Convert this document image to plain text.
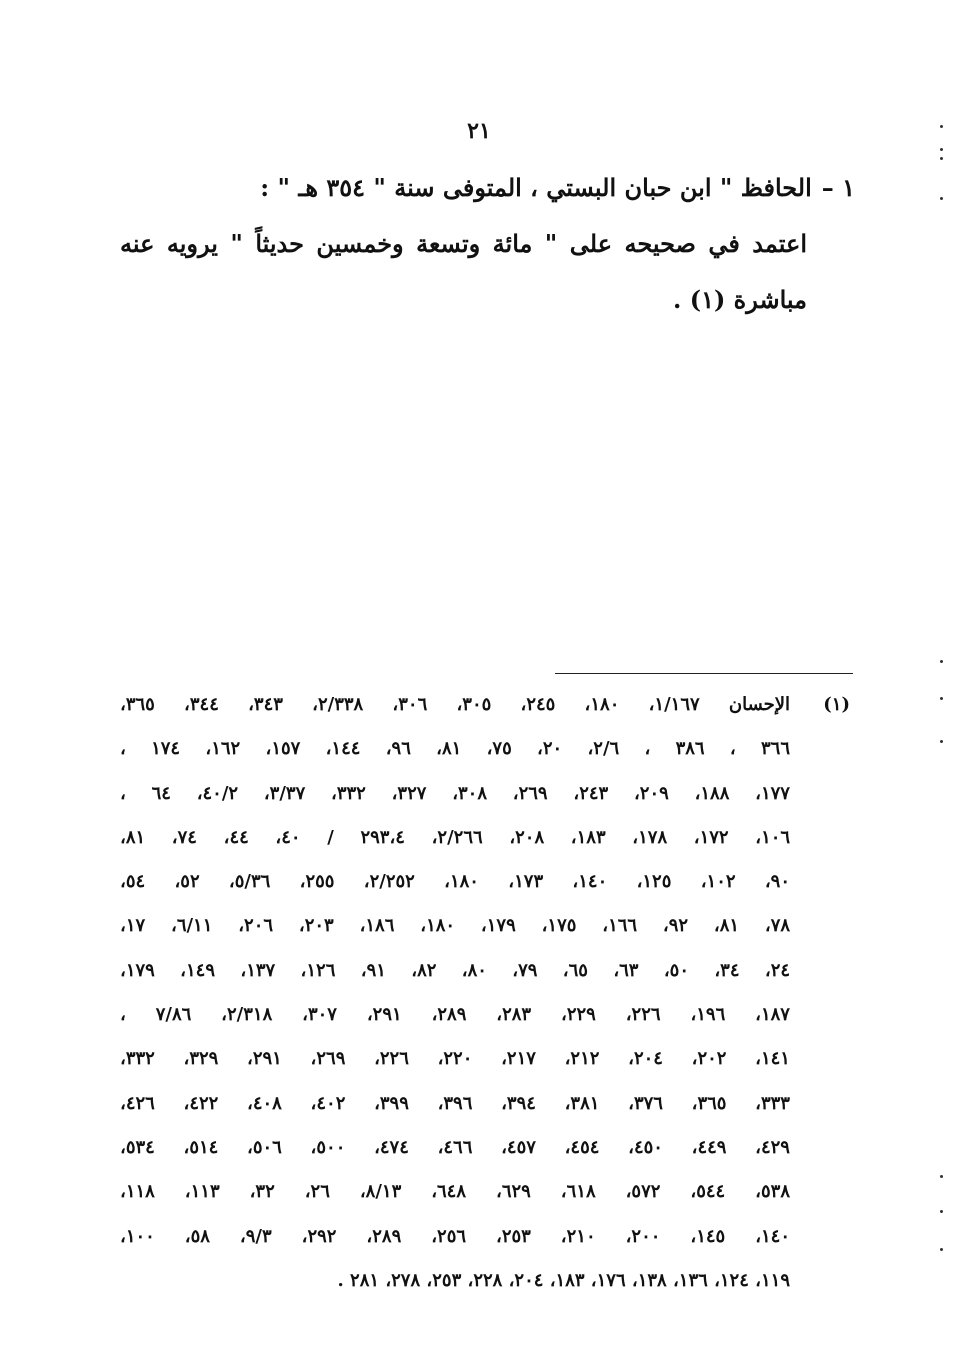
٢١
١ –الحافظ " ابن حبان البستي ، المتوفى سنة " ٣٥٤ هـ " :
اعتمد في صحيحه على " مائة وتسعة وخمسين حديثاً " يرويه عنه
مباشرة (١) .
(١)
الإحسان ١/١٦٧، ١٨٠، ٢٤٥، ٣٠٥، ٣٠٦، ٢/٣٣٨، ٣٤٣، ٣٤٤، ٣٦٥،
٣٦٦ ، ٣٨٦ ، ٢/٦، ٢٠، ٧٥، ٨١، ٩٦، ١٤٤، ١٥٧، ١٦٢، ١٧٤ ،
١٧٧، ١٨٨، ٢٠٩، ٢٤٣، ٢٦٩، ٣٠٨، ٣٢٧، ٣٣٢، ٣/٣٧، ٤٠/٢، ٦٤ ،
١٠٦، ١٧٢، ١٧٨، ١٨٣، ٢٠٨، ٢/٢٦٦، ٢٩٣،٤ / ٤٠، ٤٤، ٧٤، ٨١،
٩٠، ١٠٢، ١٢٥، ١٤٠، ١٧٣، ١٨٠، ٢/٢٥٢، ٢٥٥، ٥/٣٦، ٥٢، ٥٤،
٧٨، ٨١، ٩٢، ١٦٦، ١٧٥، ١٧٩، ١٨٠، ١٨٦، ٢٠٣، ٢٠٦، ٦/١١، ١٧،
٢٤، ٣٤، ٥٠، ٦٣، ٦٥، ٧٩، ٨٠، ٨٢، ٩١، ١٢٦، ١٣٧، ١٤٩، ١٧٩،
١٨٧، ١٩٦، ٢٢٦، ٢٢٩، ٢٨٣، ٢٨٩، ٢٩١، ٣٠٧، ٢/٣١٨، ٧/٨٦ ،
١٤١، ٢٠٢، ٢٠٤، ٢١٢، ٢١٧، ٢٢٠، ٢٢٦، ٢٦٩، ٢٩١، ٣٢٩، ٣٣٢،
٣٣٣، ٣٦٥، ٣٧٦، ٣٨١، ٣٩٤، ٣٩٦، ٣٩٩، ٤٠٢، ٤٠٨، ٤٢٢، ٤٢٦،
٤٢٩، ٤٤٩، ٤٥٠، ٤٥٤، ٤٥٧، ٤٦٦، ٤٧٤، ٥٠٠، ٥٠٦، ٥١٤، ٥٣٤،
٥٣٨، ٥٤٤، ٥٧٢، ٦١٨، ٦٢٩، ٦٤٨، ٨/١٣، ٢٦، ٣٢، ١١٣، ١١٨،
١٤٠، ١٤٥، ٢٠٠، ٢١٠، ٢٥٣، ٢٥٦، ٢٨٩، ٢٩٢، ٩/٣، ٥٨، ١٠٠،
١١٩، ١٢٤، ١٣٦، ١٣٨، ١٧٦، ١٨٣، ٢٠٤، ٢٢٨، ٢٥٣، ٢٧٨، ٢٨١ .
